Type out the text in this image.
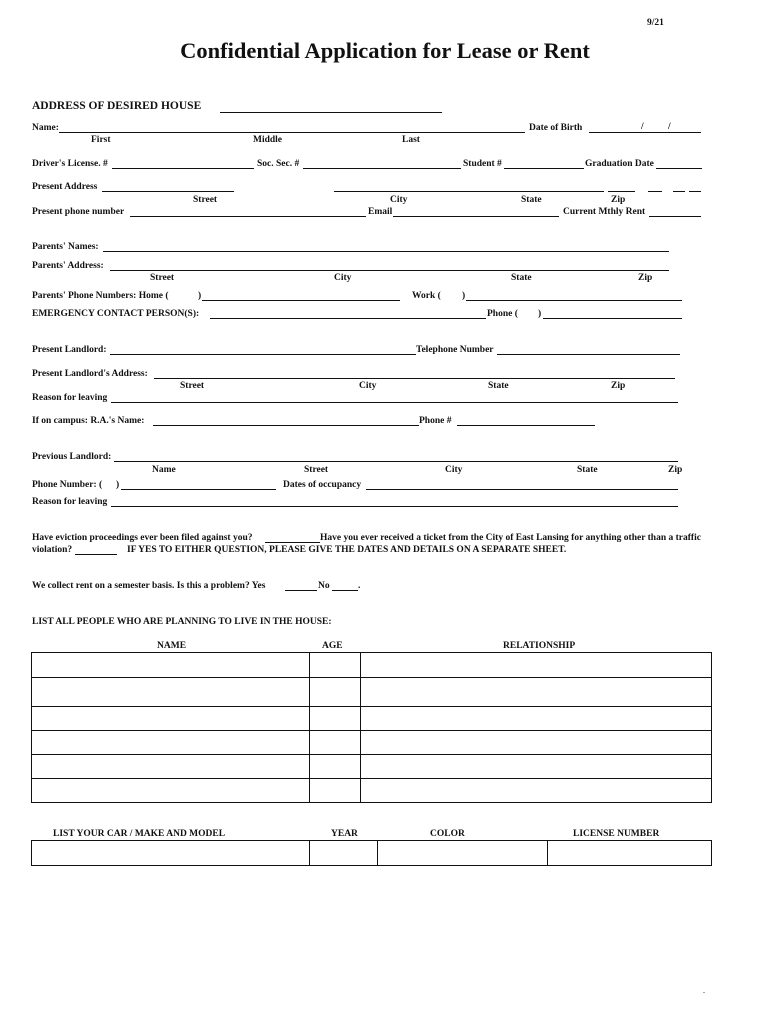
9/21
Confidential Application for Lease or Rent
ADDRESS OF DESIRED HOUSE
Name:	Date of Birth	/	/
First	Middle	Last
Driver's License. #	Soc. Sec. #	Student #	Graduation Date
Present Address
Street	City	State	Zip
Present phone number	Email	Current Mthly Rent
Parents' Names:
Parents' Address:
Street	City	State	Zip
Parents' Phone Numbers: Home (	)	Work ( )
EMERGENCY CONTACT PERSON(S):	Phone ( )
Present Landlord:	Telephone Number
Present Landlord's Address:
Street	City	State	Zip
Reason for leaving
If on campus: R.A.'s Name:	Phone #
Previous Landlord:
Name	Street	City	State	Zip
Phone Number: ( )	Dates of occupancy
Reason for leaving
Have eviction proceedings ever been filed against you?	Have you ever received a ticket from the City of East Lansing for anything other than a traffic
violation?	IF YES TO EITHER QUESTION, PLEASE GIVE THE DATES AND DETAILS ON A SEPARATE SHEET.
We collect rent on a semester basis. Is this a problem? Yes	No	.
LIST ALL PEOPLE WHO ARE PLANNING TO LIVE IN THE HOUSE:
NAME	AGE	RELATIONSHIP

LIST YOUR CAR / MAKE AND MODEL	YEAR	COLOR	LICENSE NUMBER

.
